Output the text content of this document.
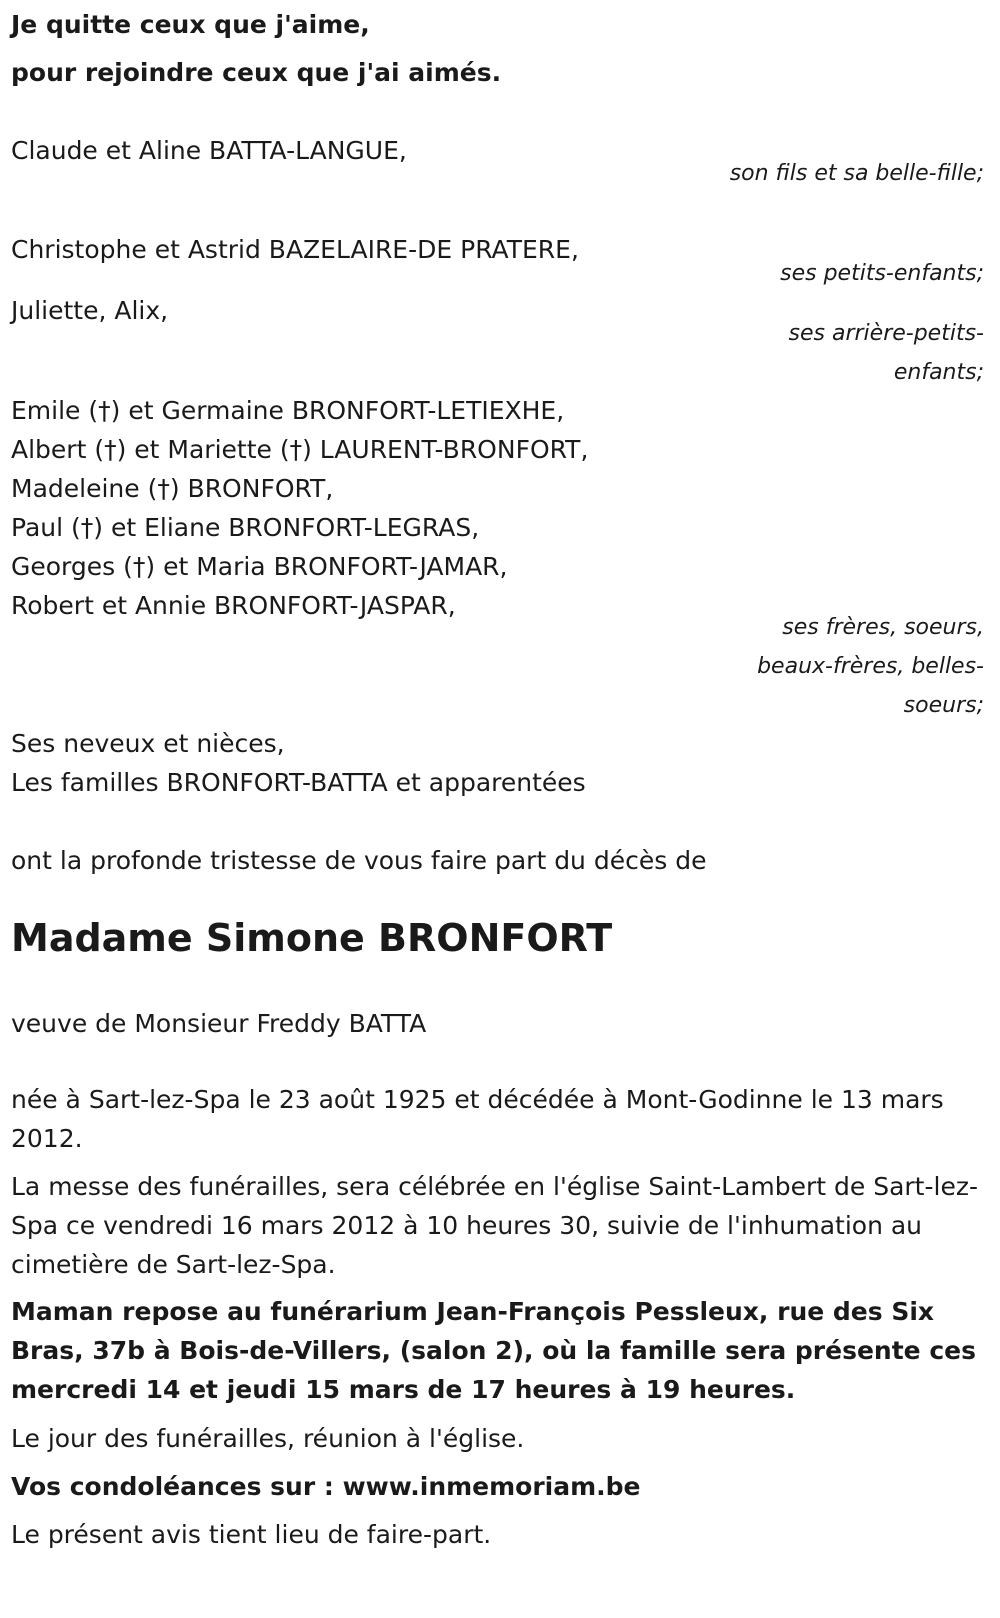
Je quitte ceux que j'aime,
pour rejoindre ceux que j'ai aimés.
Claude et Aline BATTA-LANGUE,
son fils et sa belle-fille;
Christophe et Astrid BAZELAIRE-DE PRATERE,
ses petits-enfants;
Juliette, Alix,
ses arrière-petits-enfants;
Emile (†) et Germaine BRONFORT-LETIEXHE,
Albert (†) et Mariette (†) LAURENT-BRONFORT,
Madeleine (†) BRONFORT,
Paul (†) et Eliane BRONFORT-LEGRAS,
Georges (†) et Maria BRONFORT-JAMAR,
Robert et Annie BRONFORT-JASPAR,
ses frères, soeurs, beaux-frères, belles-soeurs;
Ses neveux et nièces,
Les familles BRONFORT-BATTA et apparentées
ont la profonde tristesse de vous faire part du décès de
Madame Simone BRONFORT
veuve de Monsieur Freddy BATTA
née à Sart-lez-Spa le 23 août 1925 et décédée à Mont-Godinne le 13 mars 2012.
La messe des funérailles, sera célébrée en l'église Saint-Lambert de Sart-lez-Spa ce vendredi 16 mars 2012 à 10 heures 30, suivie de l'inhumation au cimetière de Sart-lez-Spa.
Maman repose au funérarium Jean-François Pessleux, rue des Six Bras, 37b à Bois-de-Villers, (salon 2), où la famille sera présente ces mercredi 14 et jeudi 15 mars de 17 heures à 19 heures.
Le jour des funérailles, réunion à l'église.
Vos condoléances sur : www.inmemoriam.be
Le présent avis tient lieu de faire-part.
